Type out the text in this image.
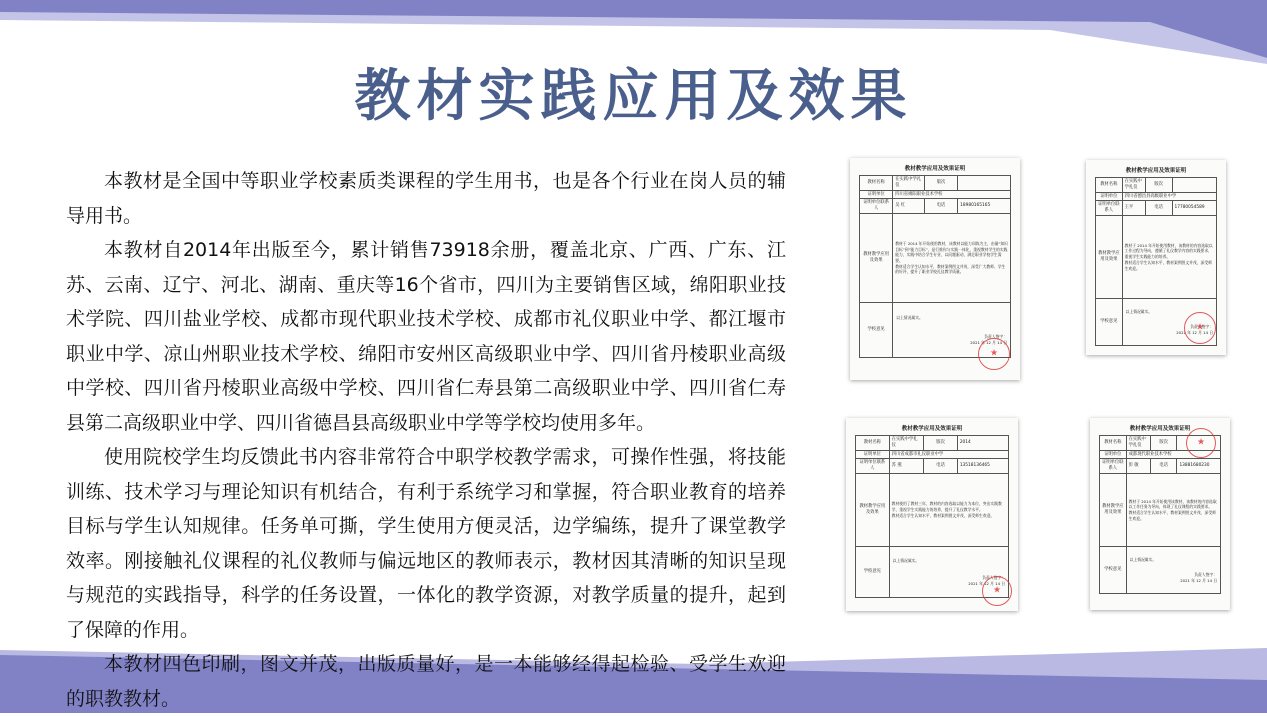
教材实践应用及效果

本教材是全国中等职业学校素质类课程的学生用书，也是各个行业在岗人员的辅导用书。

本教材自2014年出版至今，累计销售73918余册，覆盖北京、广西、广东、江苏、云南、辽宁、河北、湖南、重庆等16个省市，四川为主要销售区域，绵阳职业技术学院、四川盐业学校、成都市现代职业技术学校、成都市礼仪职业中学、都江堰市职业中学、凉山州职业技术学校、绵阳市安州区高级职业中学、四川省丹棱职业高级中学校、四川省丹棱职业高级中学校、四川省仁寿县第二高级职业中学、四川省仁寿县第二高级职业中学、四川省德昌县高级职业中学等学校均使用多年。

使用院校学生均反馈此书内容非常符合中职学校教学需求，可操作性强，将技能训练、技术学习与理论知识有机结合，有利于系统学习和掌握，符合职业教育的培养目标与学生认知规律。任务单可撕，学生使用方便灵活，边学编练，提升了课堂教学效率。刚接触礼仪课程的礼仪教师与偏远地区的教师表示，教材因其清晰的知识呈现与规范的实践指导，科学的任务设置，一体化的教学资源，对教学质量的提升，起到了保障的作用。

本教材四色印刷，图文并茂，出版质量好，是一本能够经得起检验、受学生欢迎的职教教材。

教材教学应用及效果证明
教材名称	在实践中学礼仪	版次	
证明单位	四川省绵阳职业技术学校		
证明单位联系人	吴 红	电话	18980165165
教材教学应用及效果	教材于 2014 年开始使用教材，该教材以能力训练为主，由量“知识目标”到“能力目标”，是行推你与实践一体化，重视教材学生的实践能力，实践中结合学生专业，以问题驱动，满足职业学校学生需要。
教材适合学生认知水平，教材案例图文并茂，深受广大教师、学生的好评，提升了职业学校礼仪教学质量。		

学校意见	以上情况属实。
负责人签字：
2021 年 12 月 14 日		
★
教材教学应用及效果证明
教材名称	在实践中学礼仪	版次	
证明单位	四川省德昌县高级职业中学		
证明单位联系人	王平	电话	17780054589
教材教学应用及效果	教材于 2014 年开始使用教材，该教材的内容选取以工作过程为导向，遵循了礼仪教学内容的实践要求，重视学生实践能力的培养。
教材适合学生认知水平，教材案例图文并茂，深受师生欢迎。		

学校意见	以上情况属实。
负责人签字：
2021 年 12 月 14 日		
★
教材教学应用及效果证明
教材名称	在实践中学礼仪	版次	2014
证明单位	四川省成都市礼仪职业中学		
证明单位联系人	苏 燕	电话	13518136465
教材教学应用及效果	教材使用了教材三年，教材的内容选取以能力为本位，突出实践教学，重视学生实践能力的培养，提升了礼仪教学水平。
教材适合学生认知水平，教材案例图文并茂，深受师生欢迎。		

学校意见	以上情况属实。
负责人签字：
2021 年 12 月 14 日		
★
教材教学应用及效果证明
教材名称	在实践中学礼仪	版次	
证明单位	成都现代职业技术学校		
证明单位联系人	彭 敏	电话	13881680230
教材教学应用及效果	教材于 2014 年开始使用该教材，该教材的内容选取以工作任务为导向，体现了礼仪课程的实践要求。
教材适合学生认知水平，教材案例图文并茂，深受师生欢迎。		

学校意见	以上情况属实。
负责人签字：
2021 年 12 月 14 日		
★
